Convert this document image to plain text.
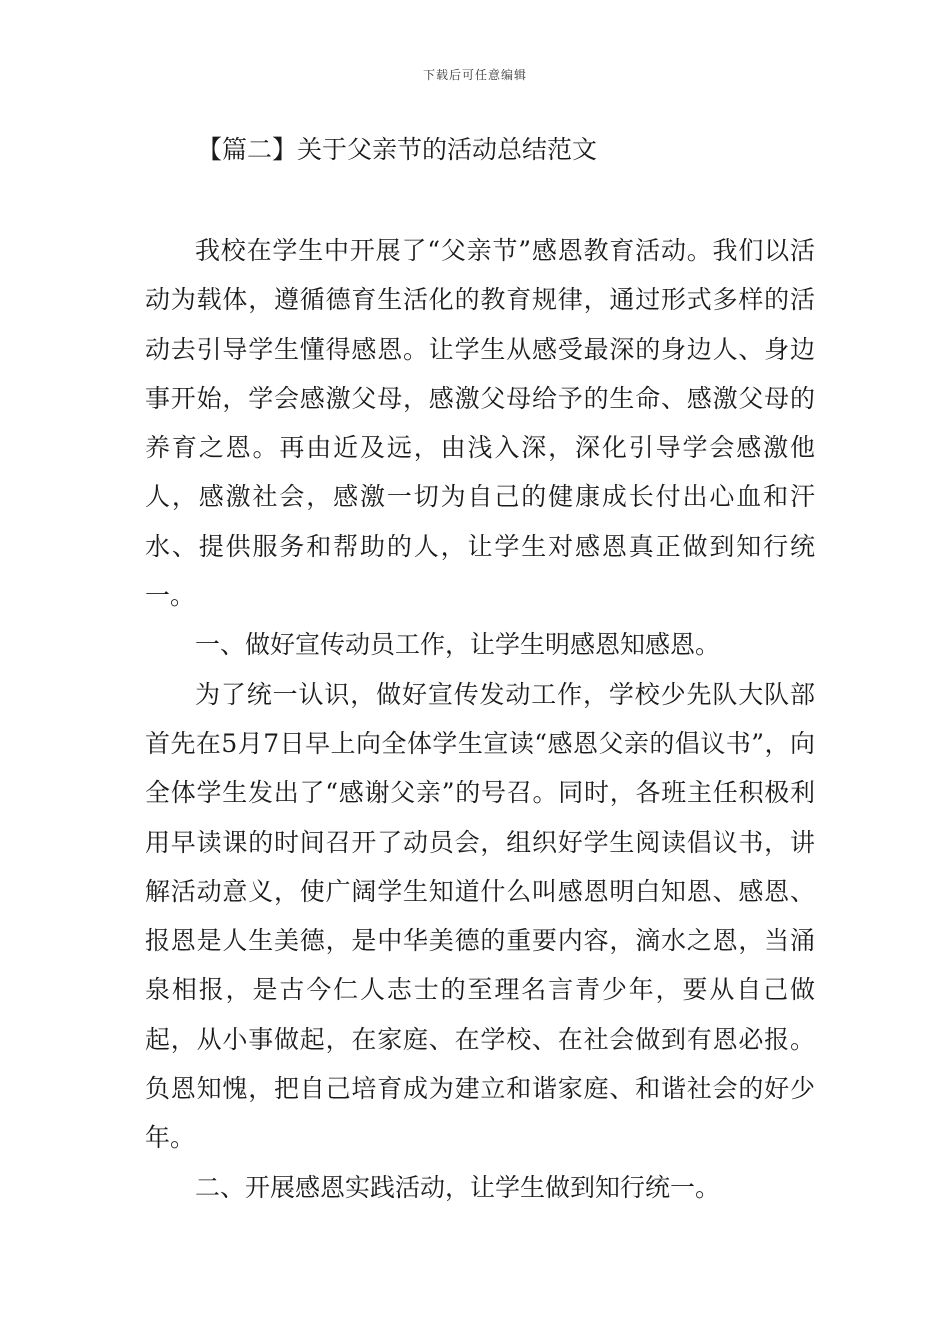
下载后可任意编辑
【篇二】关于父亲节的活动总结范文

我校在学生中开展了“父亲节”感恩教育活动。我们以活动为载体，遵循德育生活化的教育规律，通过形式多样的活动去引导学生懂得感恩。让学生从感受最深的身边人、身边事开始，学会感激父母，感激父母给予的生命、感激父母的养育之恩。再由近及远，由浅入深，深化引导学会感激他人，感激社会，感激一切为自己的健康成长付出心血和汗水、提供服务和帮助的人，让学生对感恩真正做到知行统一。

一、做好宣传动员工作，让学生明感恩知感恩。

为了统一认识，做好宣传发动工作，学校少先队大队部首先在5月7日早上向全体学生宣读“感恩父亲的倡议书”，向全体学生发出了“感谢父亲”的号召。同时，各班主任积极利用早读课的时间召开了动员会，组织好学生阅读倡议书，讲解活动意义，使广阔学生知道什么叫感恩明白知恩、感恩、报恩是人生美德，是中华美德的重要内容，滴水之恩，当涌泉相报，是古今仁人志士的至理名言青少年，要从自己做起，从小事做起，在家庭、在学校、在社会做到有恩必报。负恩知愧，把自己培育成为建立和谐家庭、和谐社会的好少年。

二、开展感恩实践活动，让学生做到知行统一。
